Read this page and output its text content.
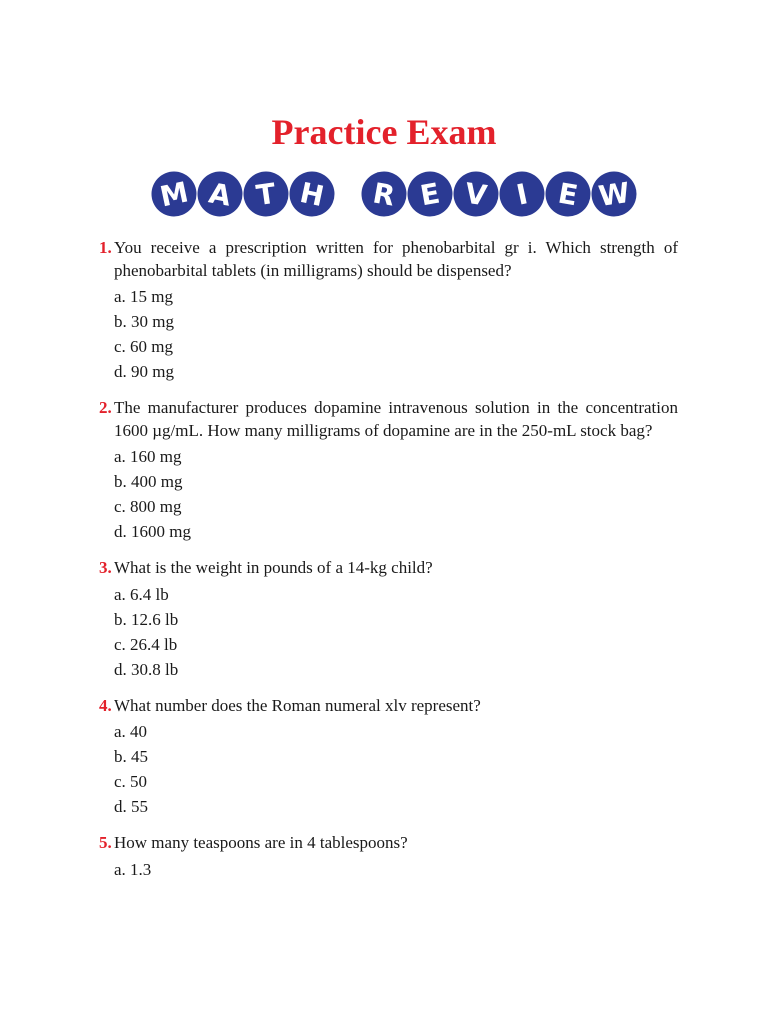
Practice Exam
M A T H R E V I E W
1. You receive a prescription written for phenobarbital gr i. Which strength of phenobarbital tablets (in milligrams) should be dispensed?
a. 15 mg
b. 30 mg
c. 60 mg
d. 90 mg
2. The manufacturer produces dopamine intravenous solution in the concentration 1600 µg/mL. How many milligrams of dopamine are in the 250-mL stock bag?
a. 160 mg
b. 400 mg
c. 800 mg
d. 1600 mg
3. What is the weight in pounds of a 14-kg child?
a. 6.4 lb
b. 12.6 lb
c. 26.4 lb
d. 30.8 lb
4. What number does the Roman numeral xlv represent?
a. 40
b. 45
c. 50
d. 55
5. How many teaspoons are in 4 tablespoons?
a. 1.3
